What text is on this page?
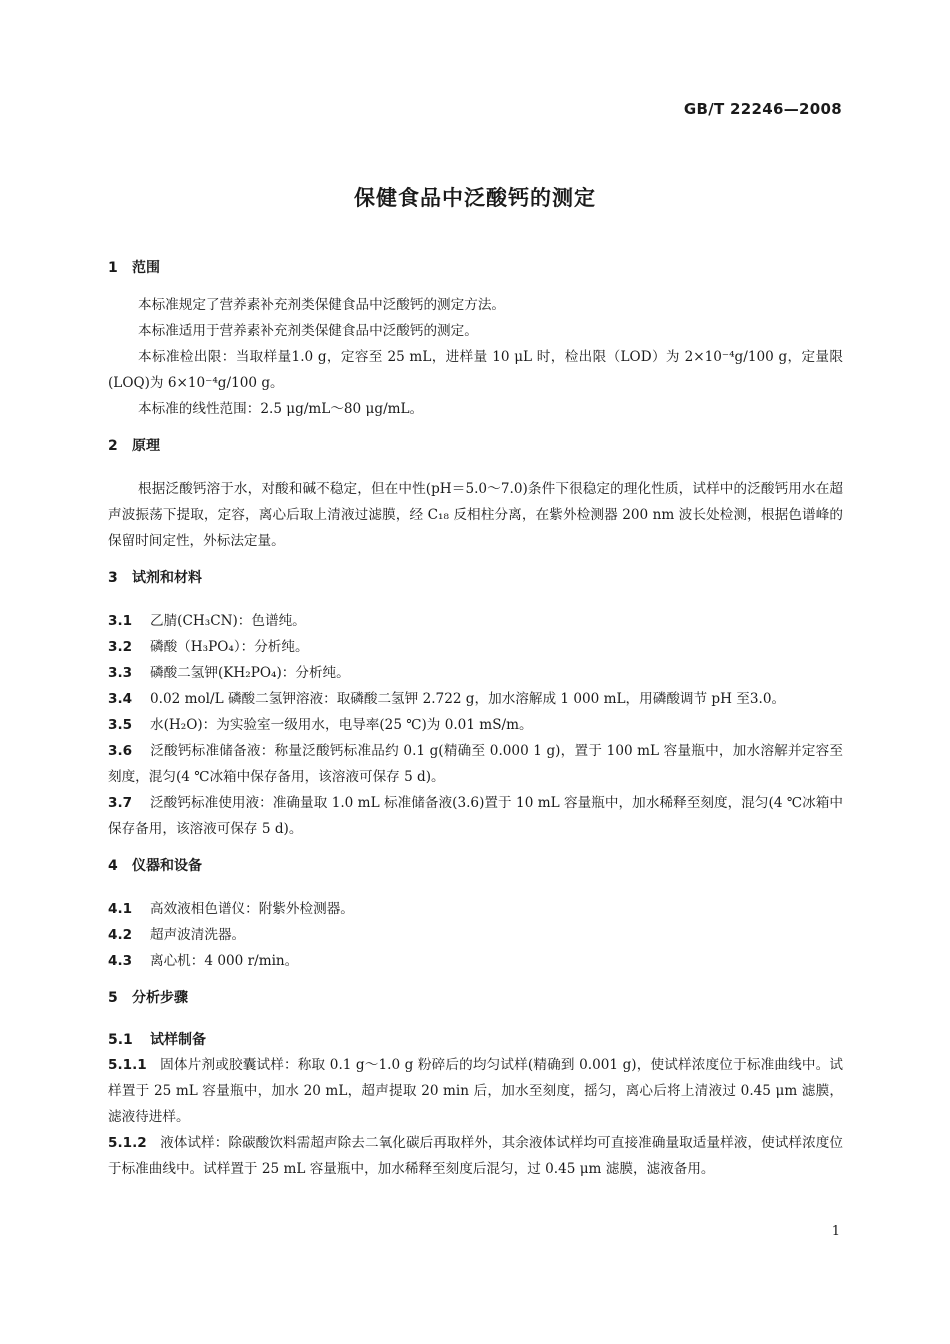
GB/T 22246—2008
保健食品中泛酸钙的测定
1 范围

本标准规定了营养素补充剂类保健食品中泛酸钙的测定方法。

本标准适用于营养素补充剂类保健食品中泛酸钙的测定。

本标准检出限：当取样量1.0 g，定容至 25 mL，进样量 10 μL 时，检出限（LOD）为 2×10⁻⁴g/100 g，定量限(LOQ)为 6×10⁻⁴g/100 g。

本标准的线性范围：2.5 μg/mL～80 μg/mL。

2 原理

根据泛酸钙溶于水，对酸和碱不稳定，但在中性(pH＝5.0～7.0)条件下很稳定的理化性质，试样中的泛酸钙用水在超声波振荡下提取，定容，离心后取上清液过滤膜，经 C₁₈ 反相柱分离，在紫外检测器 200 nm 波长处检测，根据色谱峰的保留时间定性，外标法定量。

3 试剂和材料

3.1 乙腈(CH₃CN)：色谱纯。

3.2 磷酸（H₃PO₄）：分析纯。

3.3 磷酸二氢钾(KH₂PO₄)：分析纯。

3.4 0.02 mol/L 磷酸二氢钾溶液：取磷酸二氢钾 2.722 g，加水溶解成 1 000 mL，用磷酸调节 pH 至3.0。

3.5 水(H₂O)：为实验室一级用水，电导率(25 ℃)为 0.01 mS/m。

3.6 泛酸钙标准储备液：称量泛酸钙标准品约 0.1 g(精确至 0.000 1 g)，置于 100 mL 容量瓶中，加水溶解并定容至刻度，混匀(4 ℃冰箱中保存备用，该溶液可保存 5 d)。

3.7 泛酸钙标准使用液：准确量取 1.0 mL 标准储备液(3.6)置于 10 mL 容量瓶中，加水稀释至刻度，混匀(4 ℃冰箱中保存备用，该溶液可保存 5 d)。

4 仪器和设备

4.1 高效液相色谱仪：附紫外检测器。

4.2 超声波清洗器。

4.3 离心机：4 000 r/min。

5 分析步骤
5.1 试样制备

5.1.1 固体片剂或胶囊试样：称取 0.1 g～1.0 g 粉碎后的均匀试样(精确到 0.001 g)，使试样浓度位于标准曲线中。试样置于 25 mL 容量瓶中，加水 20 mL，超声提取 20 min 后，加水至刻度，摇匀，离心后将上清液过 0.45 μm 滤膜，滤液待进样。

5.1.2 液体试样：除碳酸饮料需超声除去二氧化碳后再取样外，其余液体试样均可直接准确量取适量样液，使试样浓度位于标准曲线中。试样置于 25 mL 容量瓶中，加水稀释至刻度后混匀，过 0.45 μm 滤膜，滤液备用。

1
